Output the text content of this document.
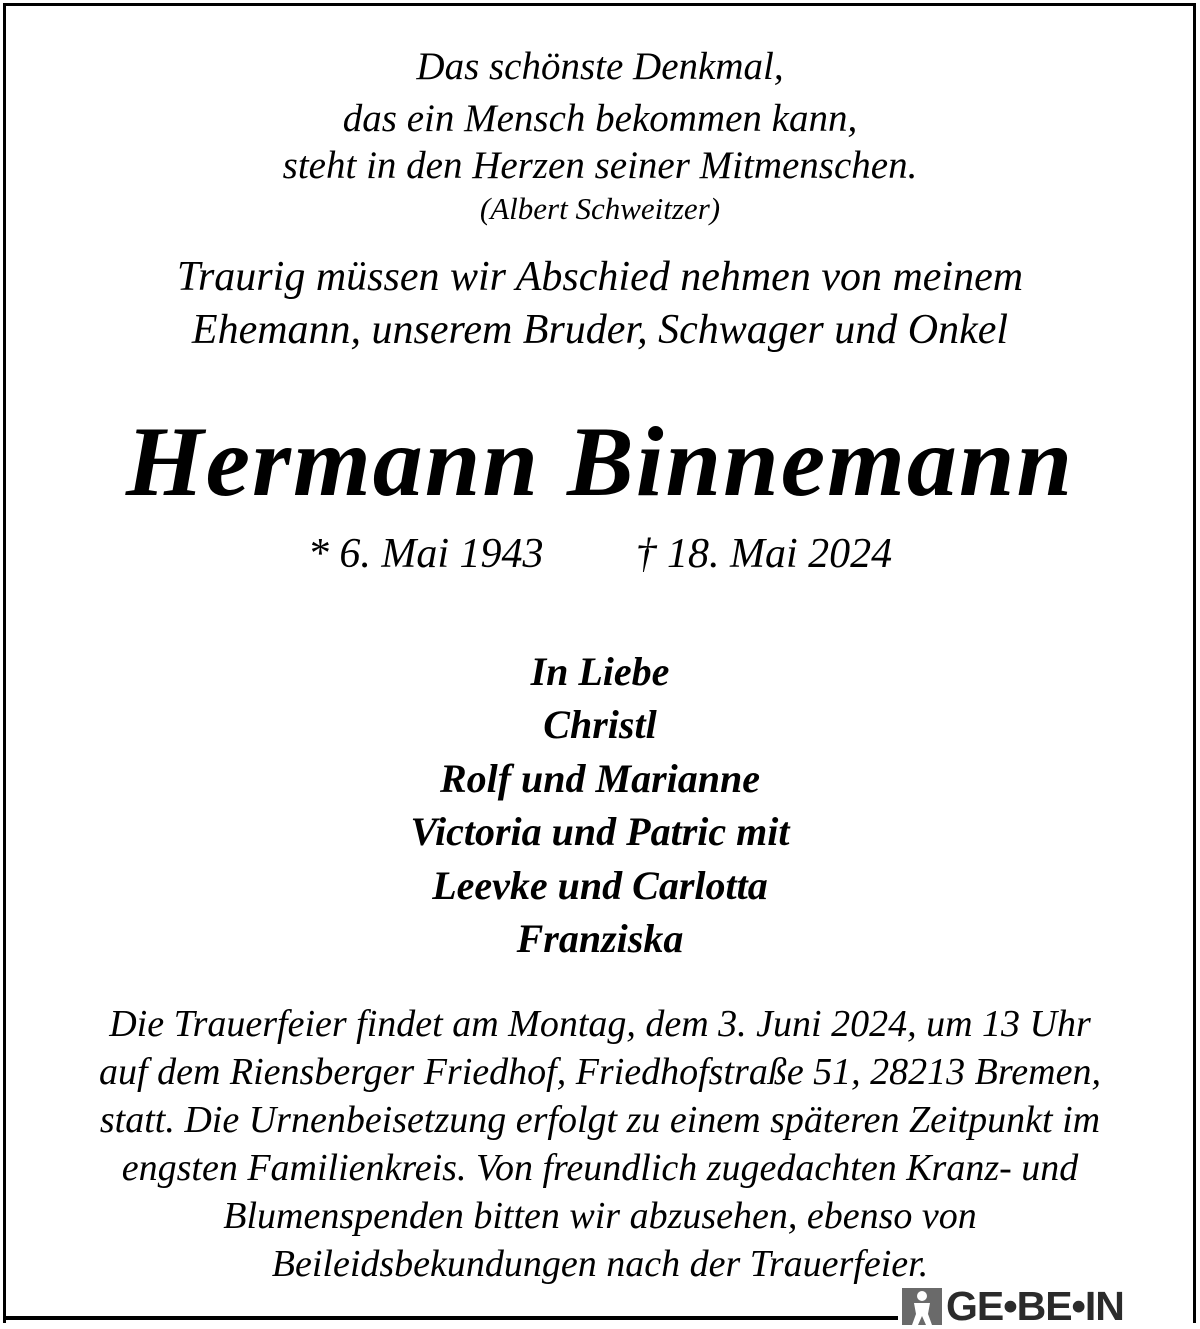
Das schönste Denkmal,
das ein Mensch bekommen kann,
steht in den Herzen seiner Mitmenschen.
(Albert Schweitzer)
Traurig müssen wir Abschied nehmen von meinem
Ehemann, unserem Bruder, Schwager und Onkel
Hermann Binnemann
* 6. Mai 1943 † 18. Mai 2024
In Liebe
Christl
Rolf und Marianne
Victoria und Patric mit
Leevke und Carlotta
Franziska
Die Trauerfeier findet am Montag, dem 3. Juni 2024, um 13 Uhr
auf dem Riensberger Friedhof, Friedhofstraße 51, 28213 Bremen,
statt. Die Urnenbeisetzung erfolgt zu einem späteren Zeitpunkt im
engsten Familienkreis. Von freundlich zugedachten Kranz- und
Blumenspenden bitten wir abzusehen, ebenso von
Beileidsbekundungen nach der Trauerfeier.
GE•BE•IN
